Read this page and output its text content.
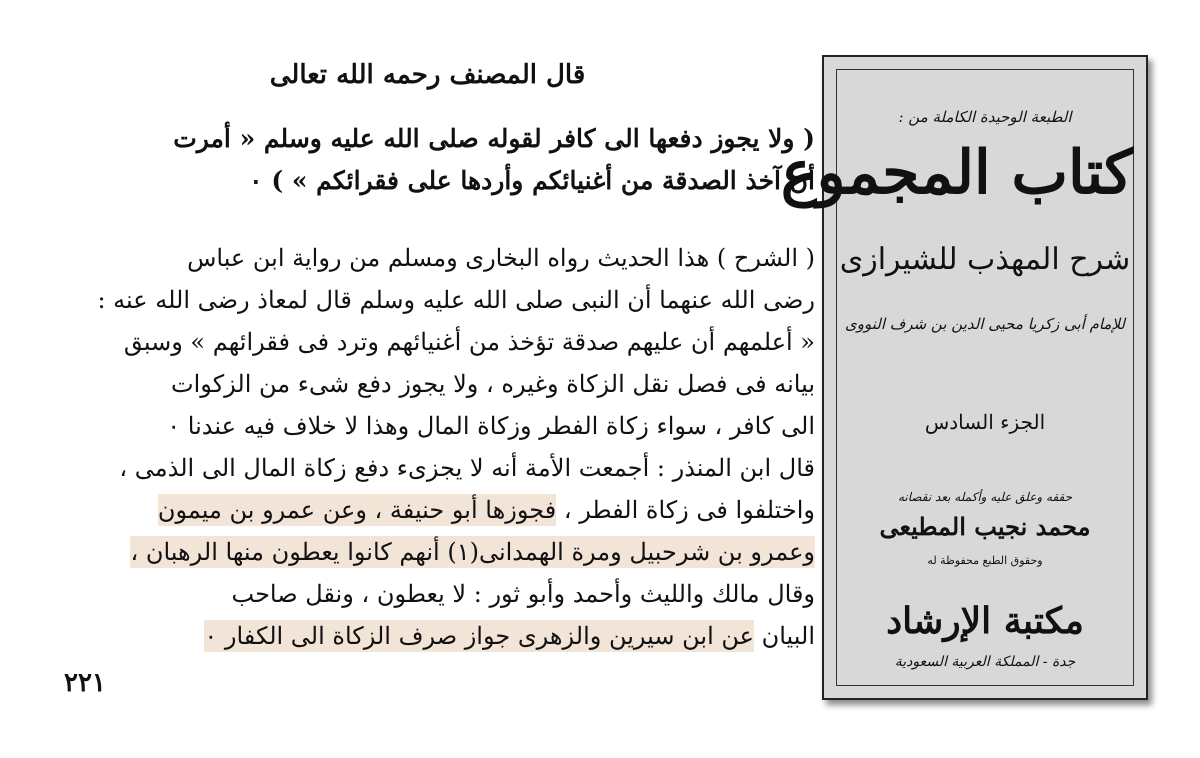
قال المصنف رحمه الله تعالى
( ولا يجوز دفعها الى كافر لقوله صلى الله عليه وسلم « أمرت
أن آخذ الصدقة من أغنيائكم وأردها على فقرائكم » ) ٠
( الشرح ) هذا الحديث رواه البخارى ومسلم من رواية ابن عباس
رضى الله عنهما أن النبى صلى الله عليه وسلم قال لمعاذ رضى الله عنه :
« أعلمهم أن عليهم صدقة تؤخذ من أغنيائهم وترد فى فقرائهم » وسبق
بيانه فى فصل نقل الزكاة وغيره ، ولا يجوز دفع شىء من الزكوات
الى كافر ، سواء زكاة الفطر وزكاة المال وهذا لا خلاف فيه عندنا ٠
قال ابن المنذر : أجمعت الأمة أنه لا يجزىء دفع زكاة المال الى الذمى ،
واختلفوا فى زكاة الفطر ، فجوزها أبو حنيفة ، وعن عمرو بن ميمون
وعمرو بن شرحبيل ومرة الهمدانى(١) أنهم كانوا يعطون منها الرهبان ،
وقال مالك والليث وأحمد وأبو ثور : لا يعطون ، ونقل صاحب
البيان عن ابن سيرين والزهرى جواز صرف الزكاة الى الكفار ٠
٢٢١
الطبعة الوحيدة الكاملة من :
كتاب المجموع
شرح المهذب للشيرازى
للإمام أبى زكريا محيى الدين بن شرف النووى
الجزء السادس
حققه وعلق عليه وأكمله بعد نقصانه
محمد نجيب المطيعى
وحقوق الطبع محفوظة له
مكتبة الإرشاد
جدة - المملكة العربية السعودية
